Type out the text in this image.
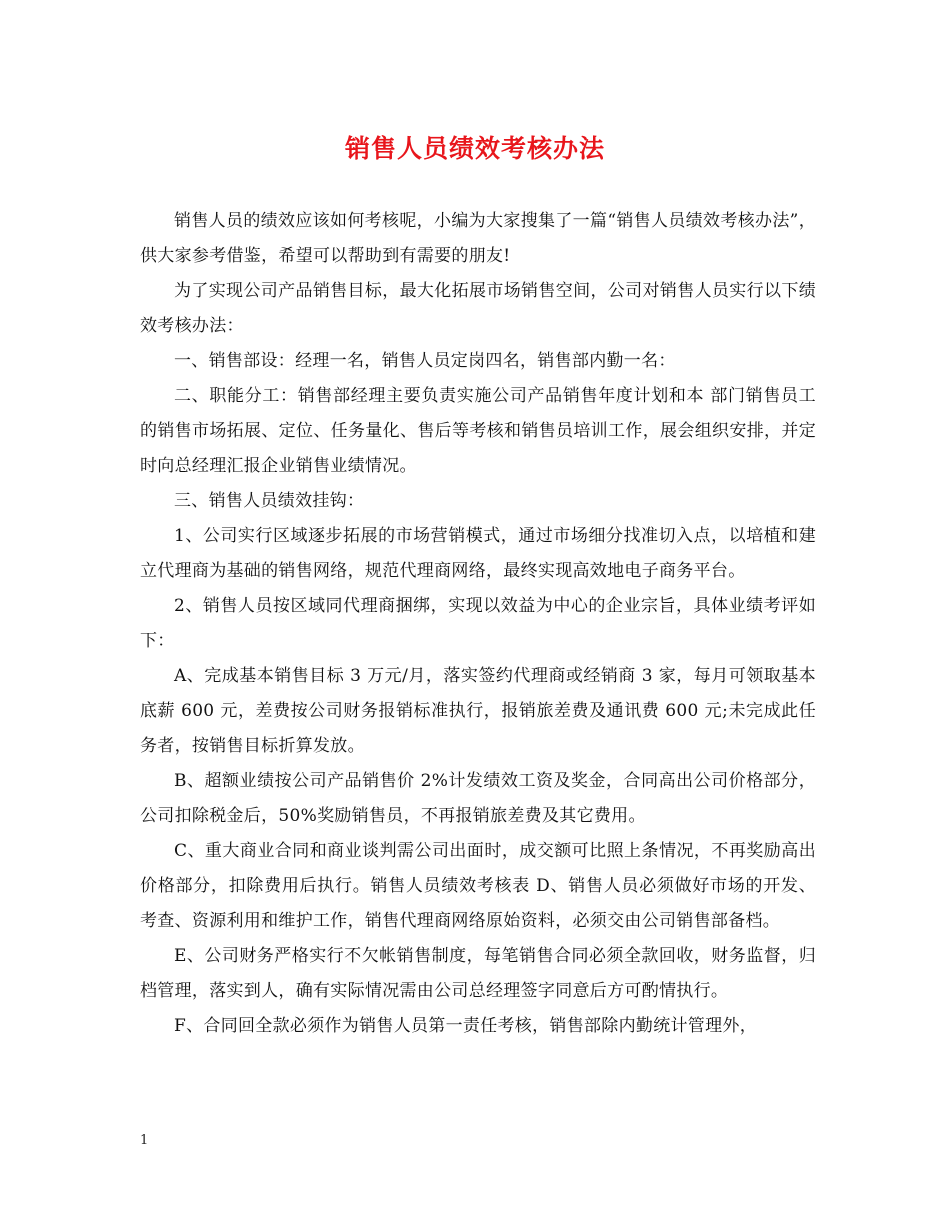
销售人员绩效考核办法

销售人员的绩效应该如何考核呢，小编为大家搜集了一篇“销售人员绩效考核办法”，供大家参考借鉴，希望可以帮助到有需要的朋友!

为了实现公司产品销售目标，最大化拓展市场销售空间，公司对销售人员实行以下绩效考核办法：

一、销售部设：经理一名，销售人员定岗四名，销售部内勤一名：

二、职能分工：销售部经理主要负责实施公司产品销售年度计划和本 部门销售员工的销售市场拓展、定位、任务量化、售后等考核和销售员培训工作，展会组织安排，并定时向总经理汇报企业销售业绩情况。

三、销售人员绩效挂钩：

1、公司实行区域逐步拓展的市场营销模式，通过市场细分找准切入点，以培植和建立代理商为基础的销售网络，规范代理商网络，最终实现高效地电子商务平台。

2、销售人员按区域同代理商捆绑，实现以效益为中心的企业宗旨，具体业绩考评如下：

A、完成基本销售目标 3 万元/月，落实签约代理商或经销商 3 家，每月可领取基本底薪 600 元，差费按公司财务报销标准执行，报销旅差费及通讯费 600 元;未完成此任务者，按销售目标折算发放。

B、超额业绩按公司产品销售价 2%计发绩效工资及奖金，合同高出公司价格部分，公司扣除税金后，50%奖励销售员，不再报销旅差费及其它费用。

C、重大商业合同和商业谈判需公司出面时，成交额可比照上条情况，不再奖励高出价格部分，扣除费用后执行。销售人员绩效考核表 D、销售人员必须做好市场的开发、考查、资源利用和维护工作，销售代理商网络原始资料，必须交由公司销售部备档。

E、公司财务严格实行不欠帐销售制度，每笔销售合同必须全款回收，财务监督，归档管理，落实到人，确有实际情况需由公司总经理签字同意后方可酌情执行。

F、合同回全款必须作为销售人员第一责任考核，销售部除内勤统计管理外，

1
